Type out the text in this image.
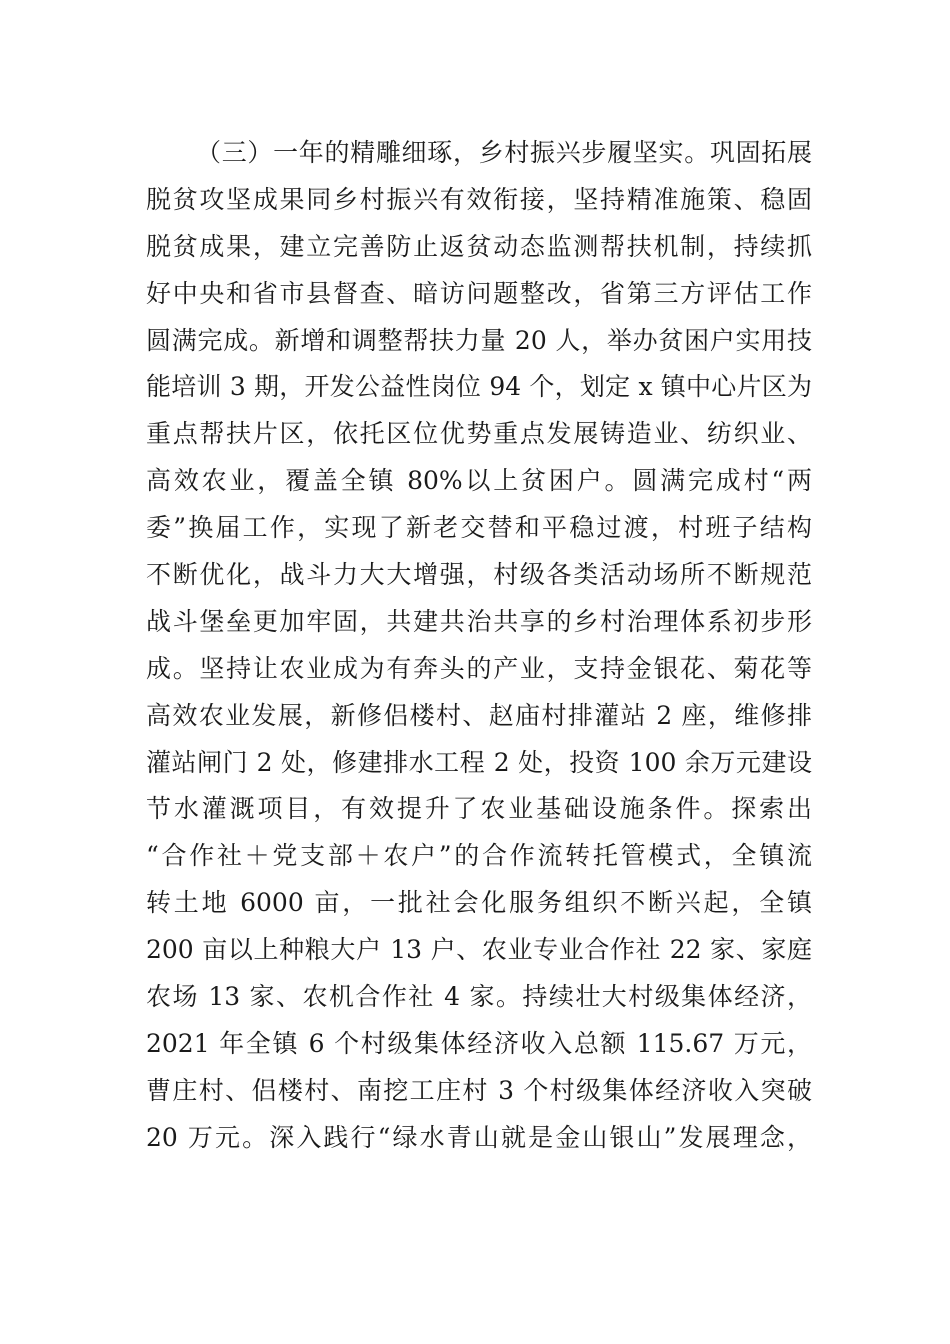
（三）一年的精雕细琢，乡村振兴步履坚实。巩固拓展
脱贫攻坚成果同乡村振兴有效衔接，坚持精准施策、稳固
脱贫成果，建立完善防止返贫动态监测帮扶机制，持续抓
好中央和省市县督查、暗访问题整改，省第三方评估工作
圆满完成。新增和调整帮扶力量 20 人，举办贫困户实用技
能培训 3 期，开发公益性岗位 94 个，划定 x 镇中心片区为
重点帮扶片区，依托区位优势重点发展铸造业、纺织业、
高效农业，覆盖全镇 80%以上贫困户。圆满完成村“两
委”换届工作，实现了新老交替和平稳过渡，村班子结构
不断优化，战斗力大大增强，村级各类活动场所不断规范
战斗堡垒更加牢固，共建共治共享的乡村治理体系初步形
成。坚持让农业成为有奔头的产业，支持金银花、菊花等
高效农业发展，新修侣楼村、赵庙村排灌站 2 座，维修排
灌站闸门 2 处，修建排水工程 2 处，投资 100 余万元建设
节水灌溉项目，有效提升了农业基础设施条件。探索出
“合作社＋党支部＋农户”的合作流转托管模式，全镇流
转土地 6000 亩，一批社会化服务组织不断兴起，全镇
200 亩以上种粮大户 13 户、农业专业合作社 22 家、家庭
农场 13 家、农机合作社 4 家。持续壮大村级集体经济，
2021 年全镇 6 个村级集体经济收入总额 115.67 万元，
曹庄村、侣楼村、南挖工庄村 3 个村级集体经济收入突破
20 万元。深入践行“绿水青山就是金山银山”发展理念，
